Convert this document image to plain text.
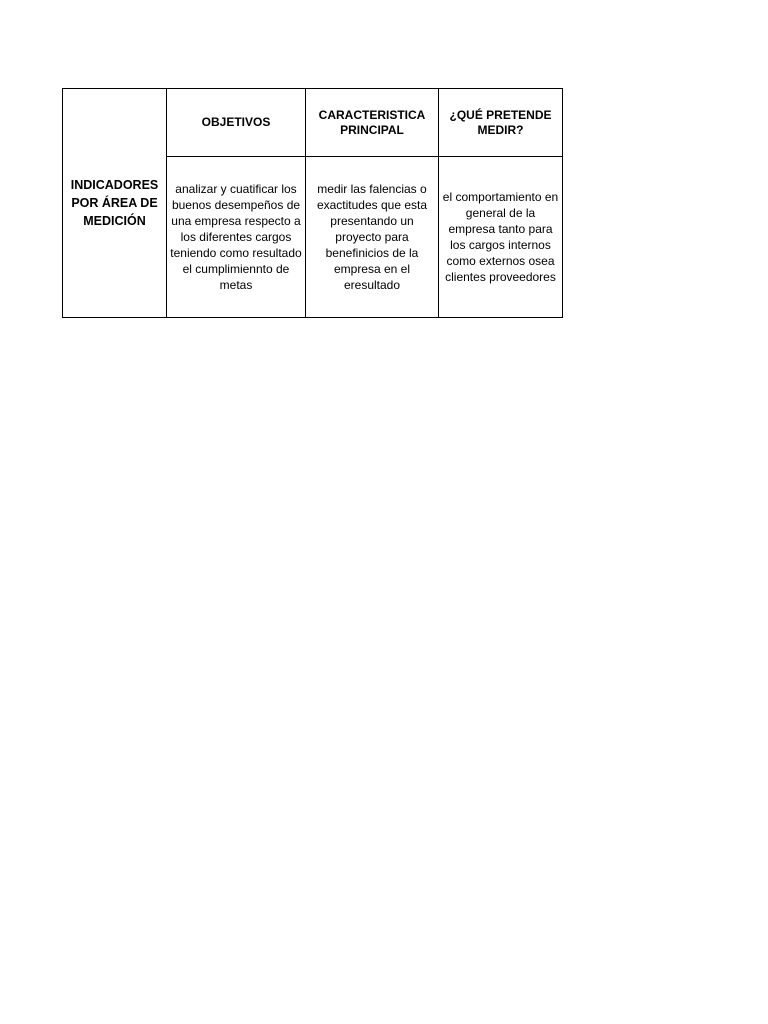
INDICADORES POR ÁREA DE MEDICIÓN	OBJETIVOS	CARACTERISTICA PRINCIPAL	¿QUÉ PRETENDE MEDIR?

	analizar y cuatificar los buenos desempeños de una empresa respecto a los diferentes cargos teniendo como resultado el cumplimiennto de metas	medir las falencias o exactitudes que esta presentando un proyecto para benefinicios de la empresa en el eresultado	el comportamiento en general de la empresa tanto para los cargos internos como externos osea clientes proveedores
